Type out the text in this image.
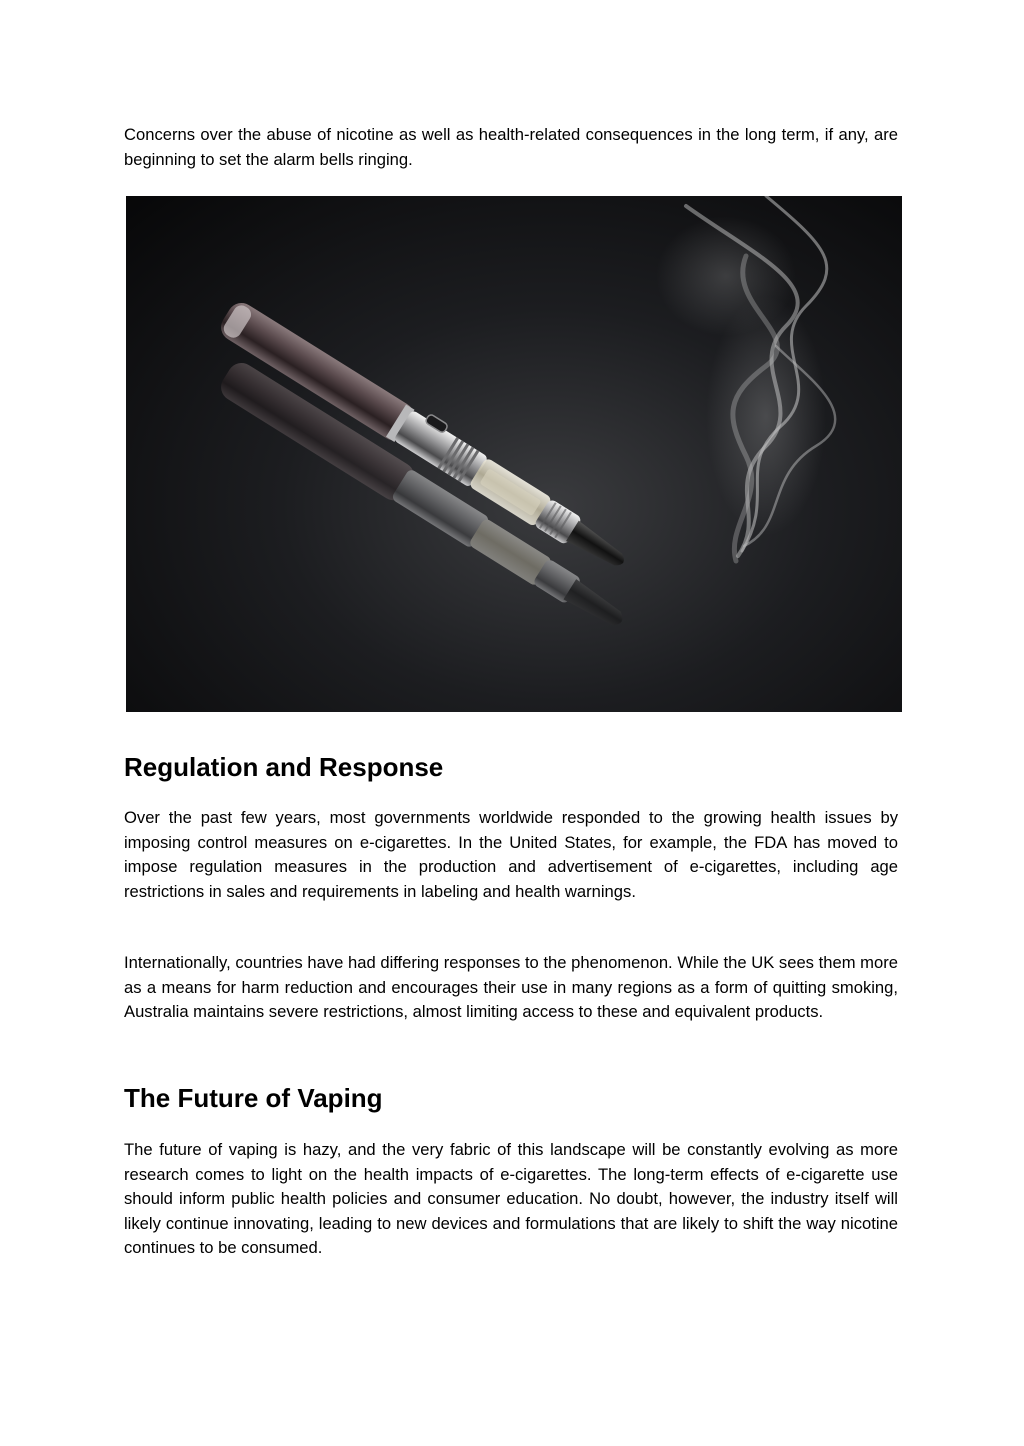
Concerns over the abuse of nicotine as well as health-related consequences in the long term, if any, are beginning to set the alarm bells ringing.

Regulation and Response

Over the past few years, most governments worldwide responded to the growing health issues by imposing control measures on e-cigarettes. In the United States, for example, the FDA has moved to impose regulation measures in the production and advertisement of e-cigarettes, including age restrictions in sales and requirements in labeling and health warnings.

Internationally, countries have had differing responses to the phenomenon. While the UK sees them more as a means for harm reduction and encourages their use in many regions as a form of quitting smoking, Australia maintains severe restrictions, almost limiting access to these and equivalent products.

The Future of Vaping

The future of vaping is hazy, and the very fabric of this landscape will be constantly evolving as more research comes to light on the health impacts of e-cigarettes. The long-term effects of e-cigarette use should inform public health policies and consumer education. No doubt, however, the industry itself will likely continue innovating, leading to new devices and formulations that are likely to shift the way nicotine continues to be consumed.
